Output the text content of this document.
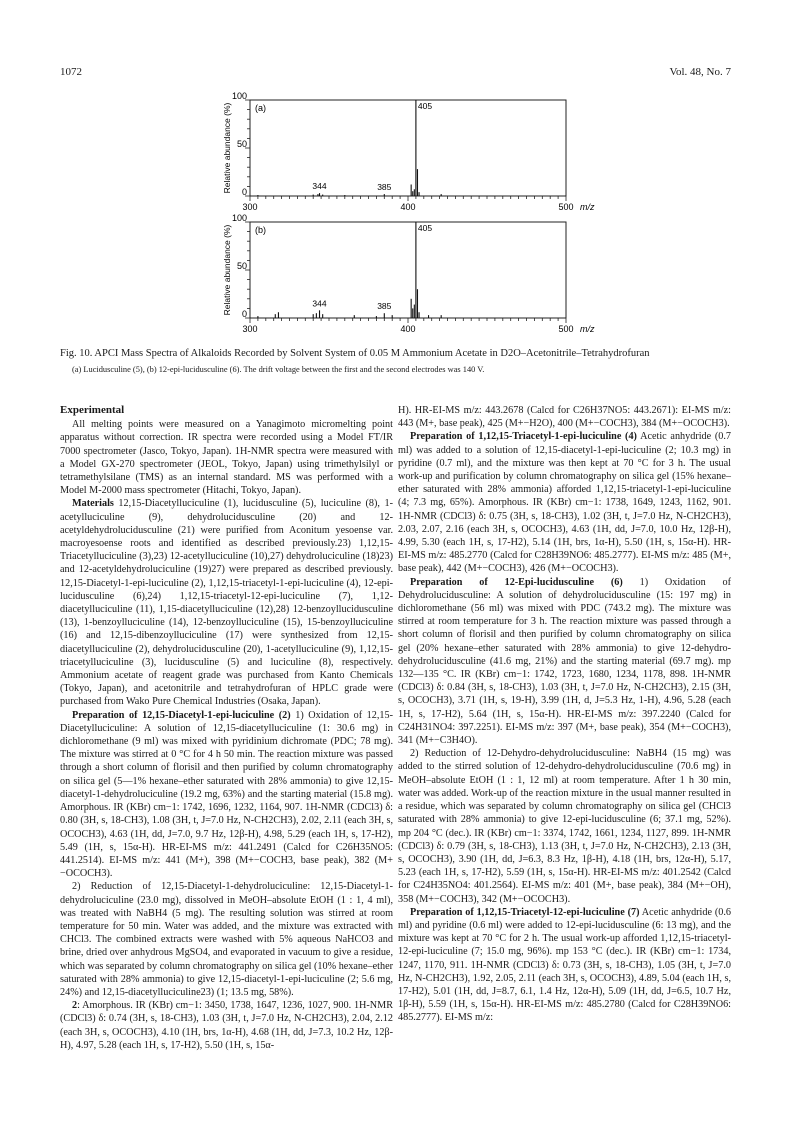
1072	Vol. 48, No. 7
300	400	500
0
50
100
Relative abundance (%)
m/z
(a)	405
344	385
300	400	500
0
50
100
Relative abundance (%)
m/z
(b)	405
344	385
Fig. 10. APCI Mass Spectra of Alkaloids Recorded by Solvent System of 0.05 M Ammonium Acetate in D2O–Acetonitrile–Tetrahydrofuran
(a) Lucidusculine (5), (b) 12-epi-lucidusculine (6). The drift voltage between the first and the second electrodes was 140 V.
Experimental

All melting points were measured on a Yanagimoto micromelting point apparatus without correction. IR spectra were recorded using a Model FT/IR 7000 spectrometer (Jasco, Tokyo, Japan). 1H-NMR spectra were measured with a Model GX-270 spectrometer (JEOL, Tokyo, Japan) using trimethylsilyl or tetramethylsilane (TMS) as an internal standard. MS was performed with a Model M-2000 mass spectrometer (Hitachi, Tokyo, Japan).

Materials 12,15-Diacetylluciculine (1), lucidusculine (5), luciculine (8), 1-acetylluciculine (9), dehydrolucidusculine (20) and 12-acetyldehydrolucidusculine (21) were purified from Aconitum yesoense var. macroyesoense roots and identified as described previously.23) 1,12,15-Triacetylluciculine (3),23) 12-acetylluciculine (10),27) dehydroluciculine (18)23) and 12-acetyldehydroluciculine (19)27) were prepared as described previously. 12,15-Diacetyl-1-epi-luciculine (2), 1,12,15-triacetyl-1-epi-luciculine (4), 12-epi-lucidusculine (6),24) 1,12,15-triacetyl-12-epi-luciculine (7), 1,12-diacetylluciculine (11), 1,15-diacetylluciculine (12),28) 12-benzoyllucidusculine (13), 1-benzoylluciculine (14), 12-benzoylluciculine (15), 15-benzoylluciculine (16) and 12,15-dibenzoylluciculine (17) were synthesized from 12,15-diacetylluciculine (2), dehydrolucidusculine (20), 1-acetylluciculine (9), 1,12,15-triacetylluciculine (3), lucidusculine (5) and luciculine (8), respectively. Ammonium acetate of reagent grade was purchased from Kanto Chemicals (Tokyo, Japan), and acetonitrile and tetrahydrofuran of HPLC grade were purchased from Wako Pure Chemical Industries (Osaka, Japan).

Preparation of 12,15-Diacetyl-1-epi-luciculine (2) 1) Oxidation of 12,15-Diacetylluciculine: A solution of 12,15-diacetylluciculine (1: 30.6 mg) in dichloromethane (9 ml) was mixed with pyridinium dichromate (PDC; 78 mg). The mixture was stirred at 0 °C for 4 h 50 min. The reaction mixture was passed through a short column of florisil and then purified by column chromatography on silica gel (5—1% hexane–ether saturated with 28% ammonia) to give 12,15-diacetyl-1-dehydroluciculine (19.2 mg, 63%) and the starting material (15.8 mg). Amorphous. IR (KBr) cm−1: 1742, 1696, 1232, 1164, 907. 1H-NMR (CDCl3) δ: 0.80 (3H, s, 18-CH3), 1.08 (3H, t, J=7.0 Hz, N-CH2CH3), 2.02, 2.11 (each 3H, s, OCOCH3), 4.63 (1H, dd, J=7.0, 9.7 Hz, 12β-H), 4.98, 5.29 (each 1H, s, 17-H2), 5.49 (1H, s, 15α-H). HR-EI-MS m/z: 441.2491 (Calcd for C26H35NO5: 441.2514). EI-MS m/z: 441 (M+), 398 (M+−COCH3, base peak), 382 (M+−OCOCH3).

2) Reduction of 12,15-Diacetyl-1-dehydroluciculine: 12,15-Diacetyl-1-dehydroluciculine (23.0 mg), dissolved in MeOH–absolute EtOH (1 : 1, 4 ml), was treated with NaBH4 (5 mg). The resulting solution was stirred at room temperature for 50 min. Water was added, and the mixture was extracted with CHCl3. The combined extracts were washed with 5% aqueous NaHCO3 and brine, dried over anhydrous MgSO4, and evaporated in vacuum to give a residue, which was separated by column chromatography on silica gel (10% hexane–ether saturated with 28% ammonia) to give 12,15-diacetyl-1-epi-luciculine (2; 5.6 mg, 24%) and 12,15-diacetylluciculine23) (1; 13.5 mg, 58%).

2: Amorphous. IR (KBr) cm−1: 3450, 1738, 1647, 1236, 1027, 900. 1H-NMR (CDCl3) δ: 0.74 (3H, s, 18-CH3), 1.03 (3H, t, J=7.0 Hz, N-CH2CH3), 2.04, 2.12 (each 3H, s, OCOCH3), 4.10 (1H, brs, 1α-H), 4.68 (1H, dd, J=7.3, 10.2 Hz, 12β-H), 4.97, 5.28 (each 1H, s, 17-H2), 5.50 (1H, s, 15α-

H). HR-EI-MS m/z: 443.2678 (Calcd for C26H37NO5: 443.2671): EI-MS m/z: 443 (M+, base peak), 425 (M+−H2O), 400 (M+−COCH3), 384 (M+−OCOCH3).

Preparation of 1,12,15-Triacetyl-1-epi-luciculine (4) Acetic anhydride (0.7 ml) was added to a solution of 12,15-diacetyl-1-epi-luciculine (2; 10.3 mg) in pyridine (0.7 ml), and the mixture was then kept at 70 °C for 3 h. The usual work-up and purification by column chromatography on silica gel (15% hexane–ether saturated with 28% ammonia) afforded 1,12,15-triacetyl-1-epi-luciculine (4; 7.3 mg, 65%). Amorphous. IR (KBr) cm−1: 1738, 1649, 1243, 1162, 901. 1H-NMR (CDCl3) δ: 0.75 (3H, s, 18-CH3), 1.02 (3H, t, J=7.0 Hz, N-CH2CH3), 2.03, 2.07, 2.16 (each 3H, s, OCOCH3), 4.63 (1H, dd, J=7.0, 10.0 Hz, 12β-H), 4.99, 5.30 (each 1H, s, 17-H2), 5.14 (1H, brs, 1α-H), 5.50 (1H, s, 15α-H). HR-EI-MS m/z: 485.2770 (Calcd for C28H39NO6: 485.2777). EI-MS m/z: 485 (M+, base peak), 442 (M+−COCH3), 426 (M+−OCOCH3).

Preparation of 12-Epi-lucidusculine (6) 1) Oxidation of Dehydrolucidusculine: A solution of dehydrolucidusculine (15: 197 mg) in dichloromethane (56 ml) was mixed with PDC (743.2 mg). The mixture was stirred at room temperature for 3 h. The reaction mixture was passed through a short column of florisil and then purified by column chromatography on silica gel (20% hexane–ether saturated with 28% ammonia) to give 12-dehydro-dehydrolucidusculine (41.6 mg, 21%) and the starting material (69.7 mg). mp 132—135 °C. IR (KBr) cm−1: 1742, 1723, 1680, 1234, 1178, 898. 1H-NMR (CDCl3) δ: 0.84 (3H, s, 18-CH3), 1.03 (3H, t, J=7.0 Hz, N-CH2CH3), 2.15 (3H, s, OCOCH3), 3.71 (1H, s, 19-H), 3.99 (1H, d, J=5.3 Hz, 1-H), 4.96, 5.28 (each 1H, s, 17-H2), 5.64 (1H, s, 15α-H). HR-EI-MS m/z: 397.2240 (Calcd for C24H31NO4: 397.2251). EI-MS m/z: 397 (M+, base peak), 354 (M+−COCH3), 341 (M+−C3H4O).

2) Reduction of 12-Dehydro-dehydrolucidusculine: NaBH4 (15 mg) was added to the stirred solution of 12-dehydro-dehydrolucidusculine (70.6 mg) in MeOH–absolute EtOH (1 : 1, 12 ml) at room temperature. After 1 h 30 min, water was added. Work-up of the reaction mixture in the usual manner resulted in a residue, which was separated by column chromatography on silica gel (CHCl3 saturated with 28% ammonia) to give 12-epi-lucidusculine (6; 37.1 mg, 52%). mp 204 °C (dec.). IR (KBr) cm−1: 3374, 1742, 1661, 1234, 1127, 899. 1H-NMR (CDCl3) δ: 0.79 (3H, s, 18-CH3), 1.13 (3H, t, J=7.0 Hz, N-CH2CH3), 2.13 (3H, s, OCOCH3), 3.90 (1H, dd, J=6.3, 8.3 Hz, 1β-H), 4.18 (1H, brs, 12α-H), 5.17, 5.23 (each 1H, s, 17-H2), 5.59 (1H, s, 15α-H). HR-EI-MS m/z: 401.2542 (Calcd for C24H35NO4: 401.2564). EI-MS m/z: 401 (M+, base peak), 384 (M+−OH), 358 (M+−COCH3), 342 (M+−OCOCH3).

Preparation of 1,12,15-Triacetyl-12-epi-luciculine (7) Acetic anhydride (0.6 ml) and pyridine (0.6 ml) were added to 12-epi-lucidusculine (6: 13 mg), and the mixture was kept at 70 °C for 2 h. The usual work-up afforded 1,12,15-triacetyl-12-epi-luciculine (7; 15.0 mg, 96%). mp 153 °C (dec.). IR (KBr) cm−1: 1734, 1247, 1170, 911. 1H-NMR (CDCl3) δ: 0.73 (3H, s, 18-CH3), 1.05 (3H, t, J=7.0 Hz, N-CH2CH3), 1.92, 2.05, 2.11 (each 3H, s, OCOCH3), 4.89, 5.04 (each 1H, s, 17-H2), 5.01 (1H, dd, J=8.7, 6.1, 1.4 Hz, 12α-H), 5.09 (1H, dd, J=6.5, 10.7 Hz, 1β-H), 5.59 (1H, s, 15α-H). HR-EI-MS m/z: 485.2780 (Calcd for C28H39NO6: 485.2777). EI-MS m/z:
